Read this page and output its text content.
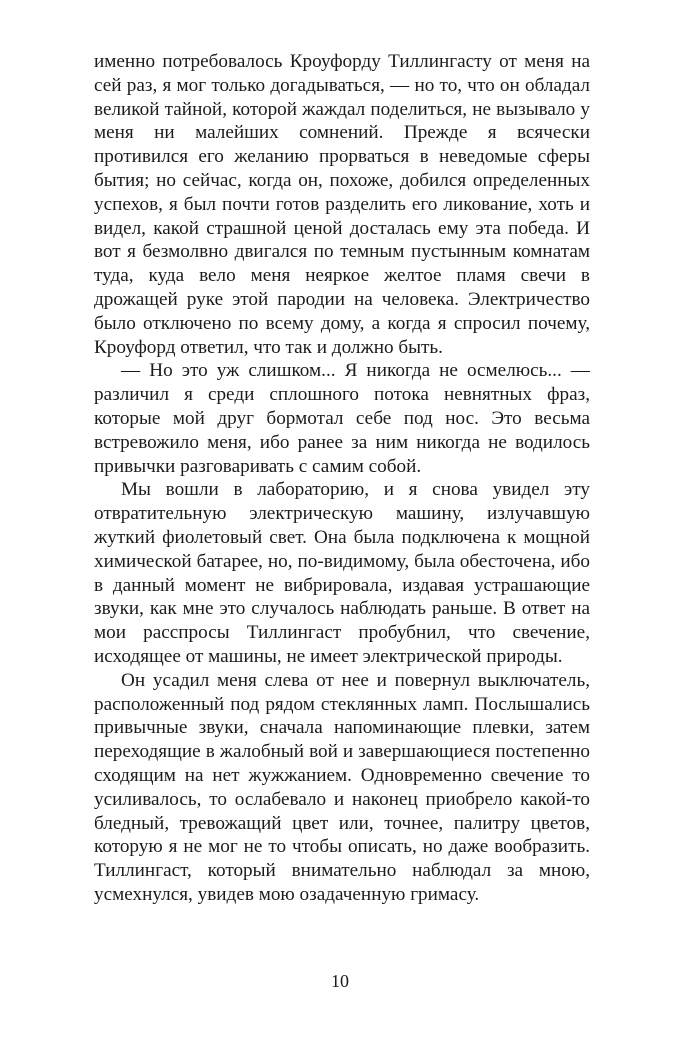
именно потребовалось Кроуфорду Тиллингасту от меня на сей раз, я мог только догадываться, — но то, что он обладал великой тайной, которой жаждал поделиться, не вызывало у меня ни малейших сомнений. Прежде я всячески противился его желанию прорваться в неведомые сферы бытия; но сейчас, когда он, похоже, добился определенных успехов, я был почти готов разделить его ликование, хоть и видел, какой страшной ценой досталась ему эта победа. И вот я безмолвно двигался по темным пустынным комнатам туда, куда вело меня неяркое желтое пламя свечи в дрожащей руке этой пародии на человека. Электричество было отключено по всему дому, а когда я спросил почему, Кроуфорд ответил, что так и должно быть.

— Но это уж слишком... Я никогда не осмелюсь... — различил я среди сплошного потока невнятных фраз, которые мой друг бормотал себе под нос. Это весьма встревожило меня, ибо ранее за ним никогда не водилось привычки разговаривать с самим собой.

Мы вошли в лабораторию, и я снова увидел эту отвратительную электрическую машину, излучавшую жуткий фиолетовый свет. Она была подключена к мощной химической батарее, но, по-видимому, была обесточена, ибо в данный момент не вибрировала, издавая устрашающие звуки, как мне это случалось наблюдать раньше. В ответ на мои расспросы Тиллингаст пробубнил, что свечение, исходящее от машины, не имеет электрической природы.

Он усадил меня слева от нее и повернул выключатель, расположенный под рядом стеклянных ламп. Послышались привычные звуки, сначала напоминающие плевки, затем переходящие в жалобный вой и завершающиеся постепенно сходящим на нет жужжанием. Одновременно свечение то усиливалось, то ослабевало и наконец приобрело какой-то бледный, тревожащий цвет или, точнее, палитру цветов, которую я не мог не то чтобы описать, но даже вообразить. Тиллингаст, который внимательно наблюдал за мною, усмехнулся, увидев мою озадаченную гримасу.

10
